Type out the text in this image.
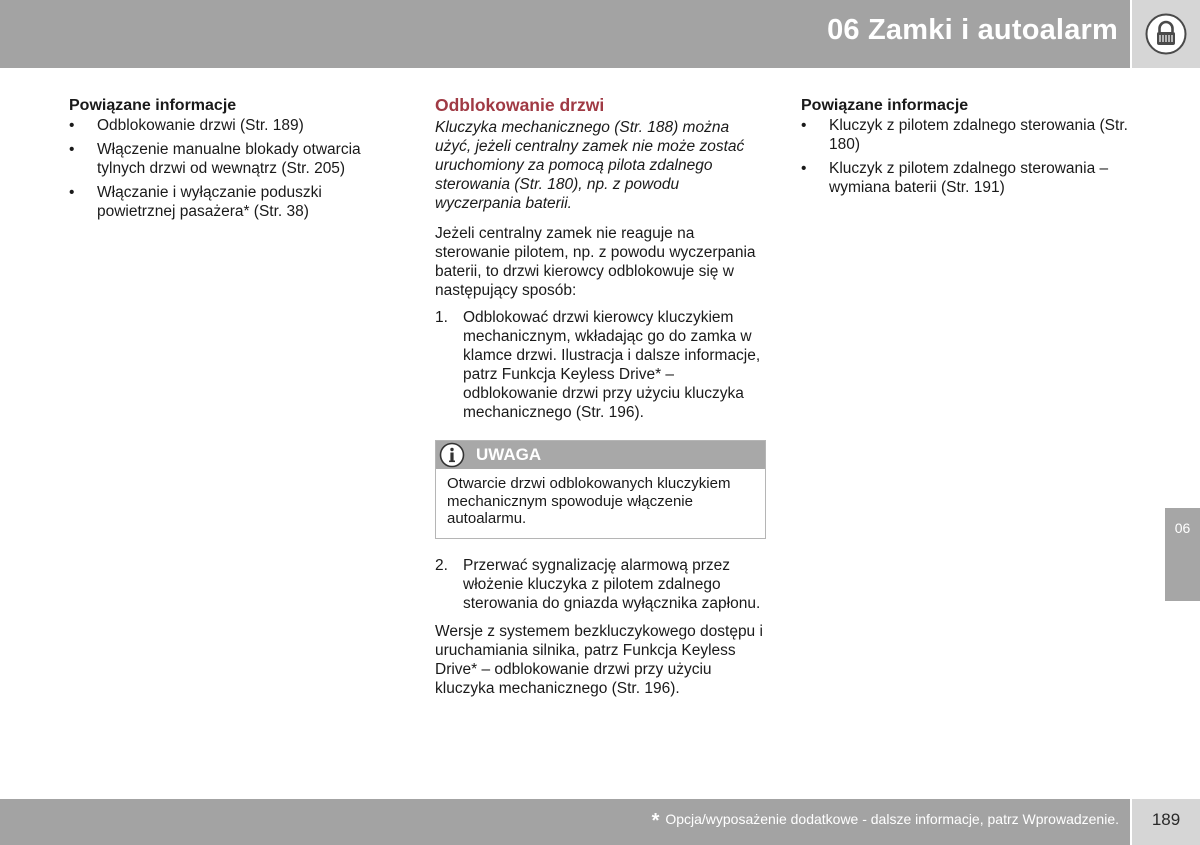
06 Zamki i autoalarm
Powiązane informacje
• Odblokowanie drzwi (Str. 189)
• Włączenie manualne blokady otwarcia tylnych drzwi od wewnątrz (Str. 205)
• Włączanie i wyłączanie poduszki powietrznej pasażera* (Str. 38)
Odblokowanie drzwi

Kluczyka mechanicznego (Str. 188) można użyć, jeżeli centralny zamek nie może zostać uruchomiony za pomocą pilota zdalnego sterowania (Str. 180), np. z powodu wyczerpania baterii.

Jeżeli centralny zamek nie reaguje na sterowanie pilotem, np. z powodu wyczerpania baterii, to drzwi kierowcy odblokowuje się w następujący sposób:

1. Odblokować drzwi kierowcy kluczykiem mechanicznym, wkładając go do zamka w klamce drzwi. Ilustracja i dalsze informacje, patrz Funkcja Keyless Drive* – odblokowanie drzwi przy użyciu kluczyka mechanicznego (Str. 196).
UWAGA
Otwarcie drzwi odblokowanych kluczykiem mechanicznym spowoduje włączenie autoalarmu.
2. Przerwać sygnalizację alarmową przez włożenie kluczyka z pilotem zdalnego sterowania do gniazda wyłącznika zapłonu.

Wersje z systemem bezkluczykowego dostępu i uruchamiania silnika, patrz Funkcja Keyless Drive* – odblokowanie drzwi przy użyciu kluczyka mechanicznego (Str. 196).

Powiązane informacje
• Kluczyk z pilotem zdalnego sterowania (Str. 180)
• Kluczyk z pilotem zdalnego sterowania – wymiana baterii (Str. 191)
06
* Opcja/wyposażenie dodatkowe - dalsze informacje, patrz Wprowadzenie.	189
